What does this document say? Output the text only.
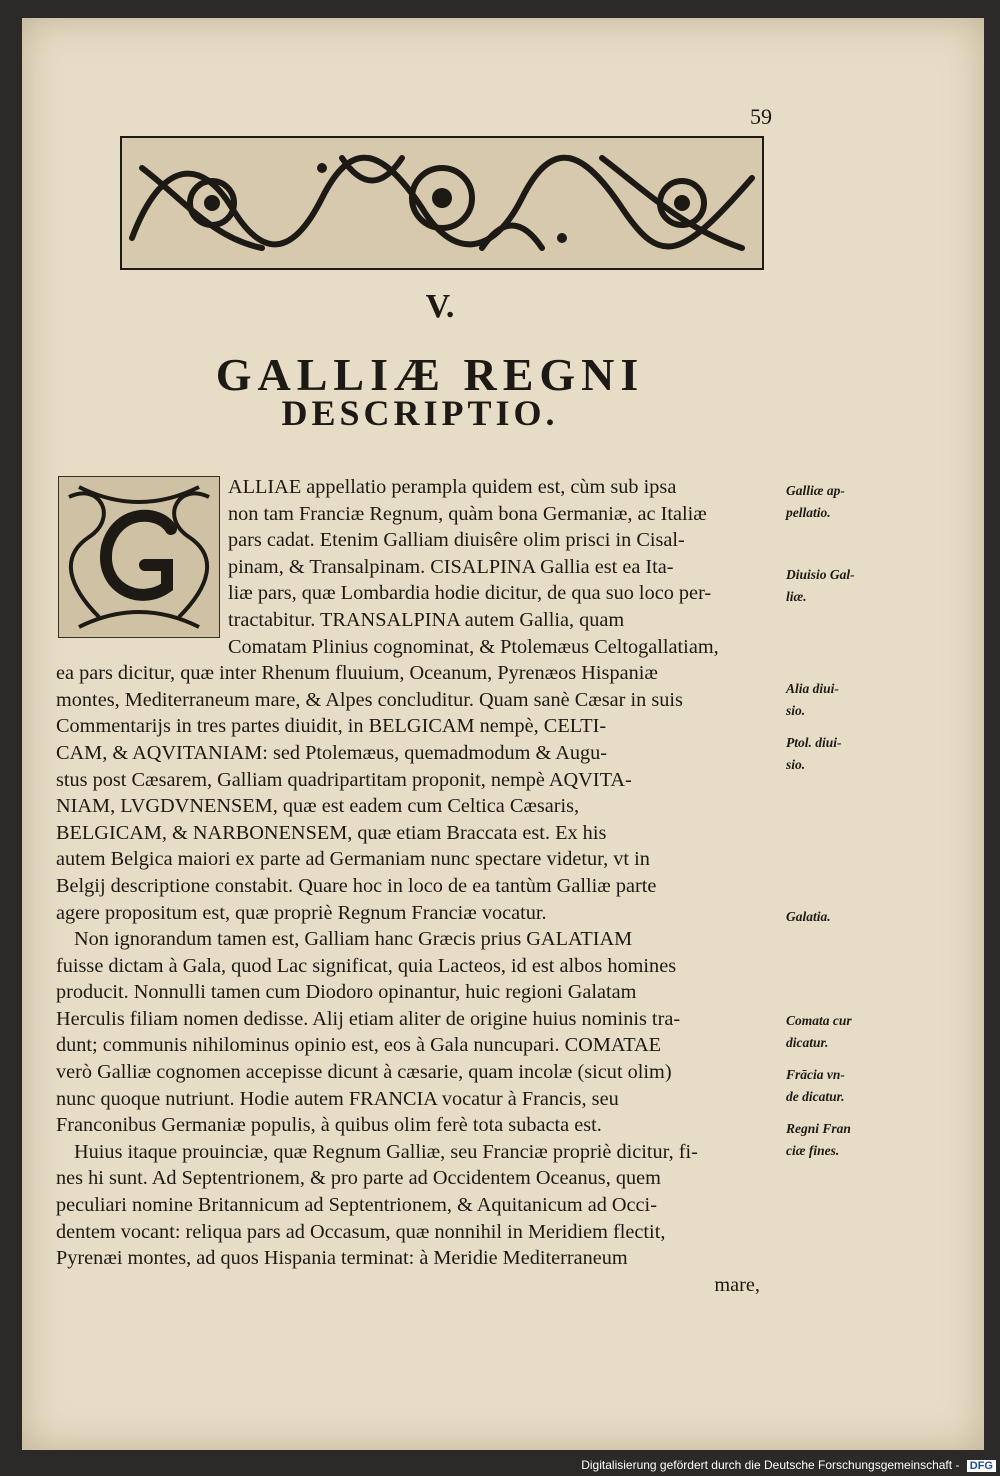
59
V.
GALLIÆ REGNI
DESCRIPTIO.
ALLIAE appellatio perampla quidem est, cùm sub ipsa
non tam Franciæ Regnum, quàm bona Germaniæ, ac Italiæ
pars cadat. Etenim Galliam diuisêre olim prisci in Cisal-
pinam, & Transalpinam. CISALPINA Gallia est ea Ita-
liæ pars, quæ Lombardia hodie dicitur, de qua suo loco per-
tractabitur. TRANSALPINA autem Gallia, quam
Comatam Plinius cognominat, & Ptolemæus Celtogallatiam,
ea pars dicitur, quæ inter Rhenum fluuium, Oceanum, Pyrenæos Hispaniæ
montes, Mediterraneum mare, & Alpes concluditur. Quam sanè Cæsar in suis
Commentarijs in tres partes diuidit, in BELGICAM nempè, CELTI-
CAM, & AQVITANIAM: sed Ptolemæus, quemadmodum & Augu-
stus post Cæsarem, Galliam quadripartitam proponit, nempè AQVITA-
NIAM, LVGDVNENSEM, quæ est eadem cum Celtica Cæsaris,
BELGICAM, & NARBONENSEM, quæ etiam Braccata est. Ex his
autem Belgica maiori ex parte ad Germaniam nunc spectare videtur, vt in
Belgij descriptione constabit. Quare hoc in loco de ea tantùm Galliæ parte
agere propositum est, quæ propriè Regnum Franciæ vocatur.
Non ignorandum tamen est, Galliam hanc Græcis prius GALATIAM
fuisse dictam à Gala, quod Lac significat, quia Lacteos, id est albos homines
producit. Nonnulli tamen cum Diodoro opinantur, huic regioni Galatam
Herculis filiam nomen dedisse. Alij etiam aliter de origine huius nominis tra-
dunt; communis nihilominus opinio est, eos à Gala nuncupari. COMATAE
verò Galliæ cognomen accepisse dicunt à cæsarie, quam incolæ (sicut olim)
nunc quoque nutriunt. Hodie autem FRANCIA vocatur à Francis, seu
Franconibus Germaniæ populis, à quibus olim ferè tota subacta est.
Huius itaque prouinciæ, quæ Regnum Galliæ, seu Franciæ propriè dicitur, fi-
nes hi sunt. Ad Septentrionem, & pro parte ad Occidentem Oceanus, quem
peculiari nomine Britannicum ad Septentrionem, & Aquitanicum ad Occi-
dentem vocant: reliqua pars ad Occasum, quæ nonnihil in Meridiem flectit,
Pyrenæi montes, ad quos Hispania terminat: à Meridie Mediterraneum
mare,
Galliæ ap-
pellatio.
Diuisio Gal-
liæ.
Alia diui-
sio.
Ptol. diui-
sio.
Galatia.
Comata cur
dicatur.
Frācia vn-
de dicatur.
Regni Fran
ciæ fines.
Digitalisierung gefördert durch die Deutsche Forschungsgemeinschaft - DFG
